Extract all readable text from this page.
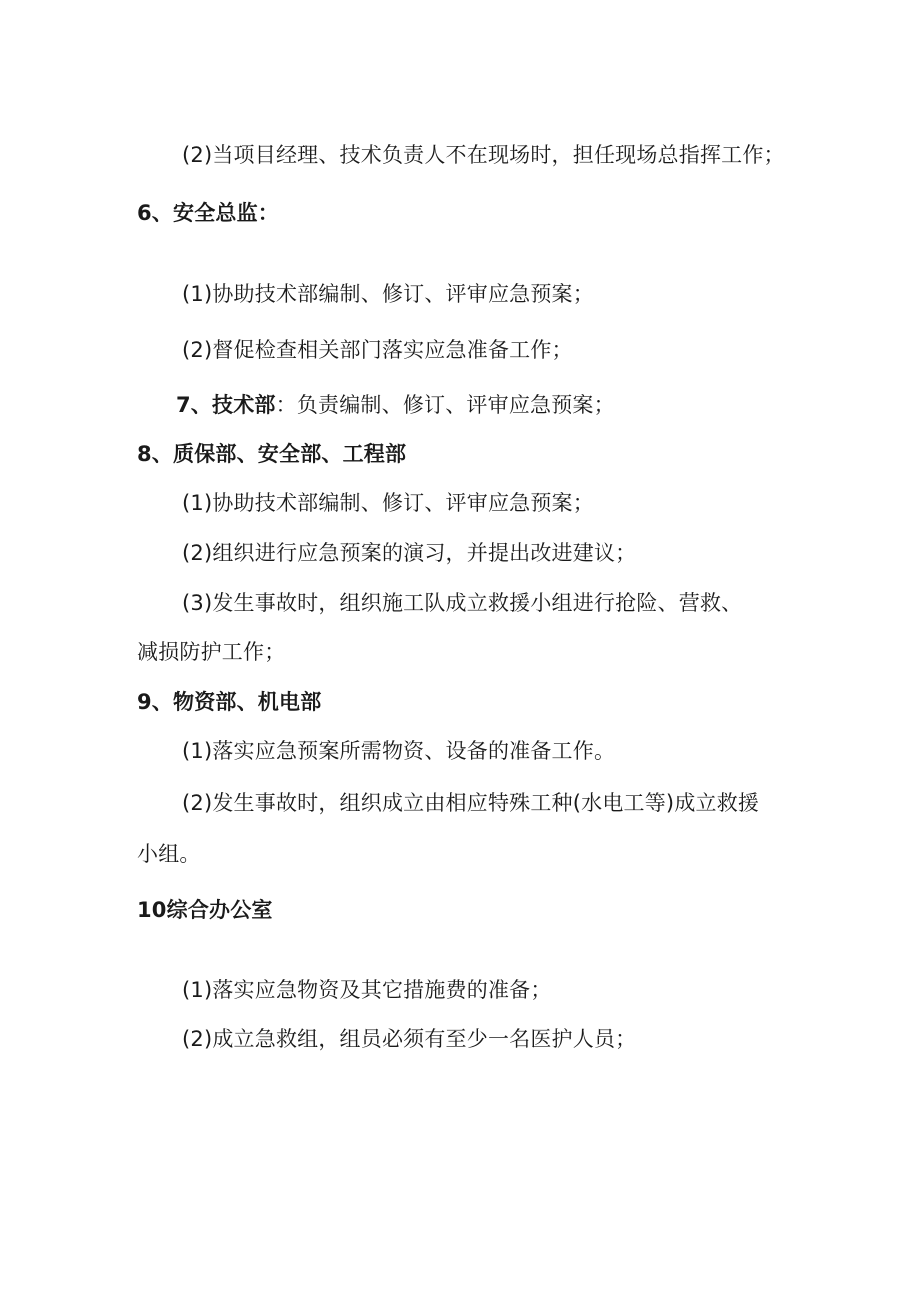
(2)当项目经理、技术负责人不在现场时，担任现场总指挥工作；
6、安全总监：
(1)协助技术部编制、修订、评审应急预案；
(2)督促检查相关部门落实应急准备工作；
7、技术部：负责编制、修订、评审应急预案；
8、质保部、安全部、工程部
(1)协助技术部编制、修订、评审应急预案；
(2)组织进行应急预案的演习，并提出改进建议；
(3)发生事故时，组织施工队成立救援小组进行抢险、营救、
减损防护工作；
9、物资部、机电部
(1)落实应急预案所需物资、设备的准备工作。
(2)发生事故时，组织成立由相应特殊工种(水电工等)成立救援
小组。
10综合办公室
(1)落实应急物资及其它措施费的准备；
(2)成立急救组，组员必须有至少一名医护人员；
